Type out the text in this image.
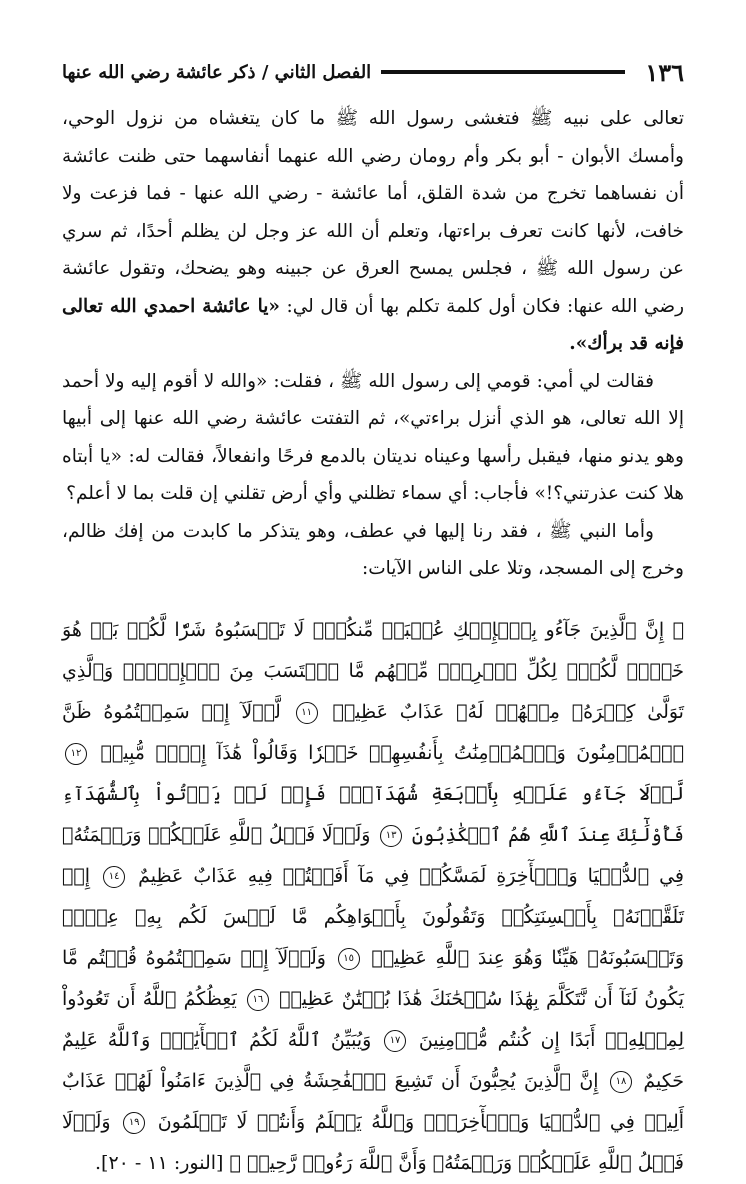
١٣٦
الفصل الثاني / ذكر عائشة رضي الله عنها

تعالى على نبيه ﷺ فتغشى رسول الله ﷺ ما كان يتغشاه من نزول الوحي، وأمسك الأبوان - أبو بكر وأم رومان رضي الله عنهما أنفاسهما حتى ظنت عائشة أن نفساهما تخرج من شدة القلق، أما عائشة - رضي الله عنها - فما فزعت ولا خافت، لأنها كانت تعرف براءتها، وتعلم أن الله عز وجل لن يظلم أحدًا، ثم سري عن رسول الله ﷺ ، فجلس يمسح العرق عن جبينه وهو يضحك، وتقول عائشة رضي الله عنها: فكان أول كلمة تكلم بها أن قال لي: «يا عائشة احمدي الله تعالى فإنه قد برأك».

فقالت لي أمي: قومي إلى رسول الله ﷺ ، فقلت: «والله لا أقوم إليه ولا أحمد إلا الله تعالى، هو الذي أنزل براءتي»، ثم التفتت عائشة رضي الله عنها إلى أبيها وهو يدنو منها، فيقبل رأسها وعيناه نديتان بالدمع فرحًا وانفعالاً، فقالت له: «يا أبتاه هلا كنت عذرتني؟!» فأجاب: أي سماء تظلني وأي أرض تقلني إن قلت بما لا أعلم؟

وأما النبي ﷺ ، فقد رنا إليها في عطف، وهو يتذكر ما كابدت من إفك ظالم، وخرج إلى المسجد، وتلا على الناس الآيات:

﴿ إِنَّ ٱلَّذِينَ جَآءُو بِٱلۡإِفۡكِ عُصۡبَةٞ مِّنكُمۡۚ لَا تَحۡسَبُوهُ شَرّٗا لَّكُمۖ بَلۡ هُوَ خَيۡرٞ لَّكُمۡۚ لِكُلِّ ٱمۡرِيٕٖ مِّنۡهُم مَّا ٱكۡتَسَبَ مِنَ ٱلۡإِثۡمِۚ وَٱلَّذِي تَوَلَّىٰ كِبۡرَهُۥ مِنۡهُمۡ لَهُۥ عَذَابٌ عَظِيمٞ ١١ لَّوۡلَآ إِذۡ سَمِعۡتُمُوهُ ظَنَّ ٱلۡمُؤۡمِنُونَ وَٱلۡمُؤۡمِنَٰتُ بِأَنفُسِهِمۡ خَيۡرٗا وَقَالُواْ هَٰذَآ إِفۡكٞ مُّبِينٞ ١٢ لَّوۡلَا جَآءُو عَلَيۡهِ بِأَرۡبَعَةِ شُهَدَآءَۚ فَإِذۡ لَمۡ يَأۡتُواْ بِٱلشُّهَدَآءِ فَأُوْلَٰٓئِكَ عِندَ ٱللَّهِ هُمُ ٱلۡكَٰذِبُونَ ١٣ وَلَوۡلَا فَضۡلُ ٱللَّهِ عَلَيۡكُمۡ وَرَحۡمَتُهُۥ فِي ٱلدُّنۡيَا وَٱلۡأٓخِرَةِ لَمَسَّكُمۡ فِي مَآ أَفَضۡتُمۡ فِيهِ عَذَابٌ عَظِيمٌ ١٤ إِذۡ تَلَقَّوۡنَهُۥ بِأَلۡسِنَتِكُمۡ وَتَقُولُونَ بِأَفۡوَاهِكُم مَّا لَيۡسَ لَكُم بِهِۦ عِلۡمٞ وَتَحۡسَبُونَهُۥ هَيِّنٗا وَهُوَ عِندَ ٱللَّهِ عَظِيمٞ ١٥ وَلَوۡلَآ إِذۡ سَمِعۡتُمُوهُ قُلۡتُم مَّا يَكُونُ لَنَآ أَن نَّتَكَلَّمَ بِهَٰذَا سُبۡحَٰنَكَ هَٰذَا بُهۡتَٰنٌ عَظِيمٞ ١٦ يَعِظُكُمُ ٱللَّهُ أَن تَعُودُواْ لِمِثۡلِهِۦٓ أَبَدًا إِن كُنتُم مُّؤۡمِنِينَ ١٧ وَيُبَيِّنُ ٱللَّهُ لَكُمُ ٱلۡأٓيَٰتِۚ وَٱللَّهُ عَلِيمٌ حَكِيمٌ ١٨ إِنَّ ٱلَّذِينَ يُحِبُّونَ أَن تَشِيعَ ٱلۡفَٰحِشَةُ فِي ٱلَّذِينَ ءَامَنُواْ لَهُمۡ عَذَابٌ أَلِيمٞ فِي ٱلدُّنۡيَا وَٱلۡأٓخِرَةِۚ وَٱللَّهُ يَعۡلَمُ وَأَنتُمۡ لَا تَعۡلَمُونَ ١٩ وَلَوۡلَا فَضۡلُ ٱللَّهِ عَلَيۡكُمۡ وَرَحۡمَتُهُۥ وَأَنَّ ٱللَّهَ رَءُوفٞ رَّحِيمٞ ﴾ [النور: ١١ - ٢٠].
